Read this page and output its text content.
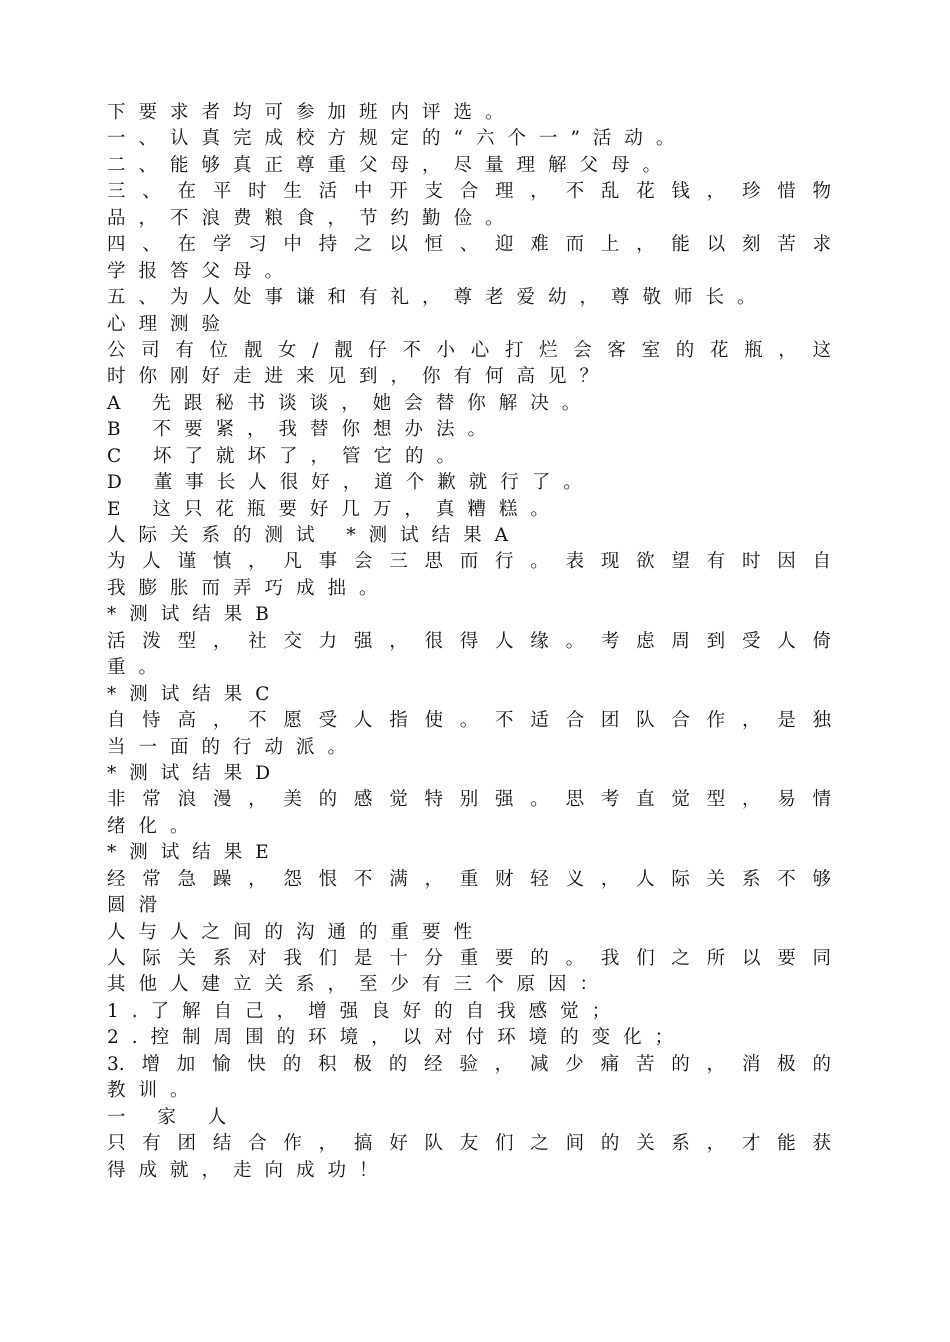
下要求者均可参加班内评选。
一、认真完成校方规定的“六个一”活动。
二、能够真正尊重父母，尽量理解父母。
三、在平时生活中开支合理，不乱花钱，珍惜物
品，不浪费粮食，节约勤俭。
四、在学习中持之以恒、迎难而上，能以刻苦求
学报答父母。
五、为人处事谦和有礼，尊老爱幼，尊敬师长。
心理测验
公司有位靓女/靓仔不小心打烂会客室的花瓶，这
时你刚好走进来见到，你有何高见？
A 先跟秘书谈谈，她会替你解决。
B 不要紧，我替你想办法。
C 坏了就坏了，管它的。
D 董事长人很好，道个歉就行了。
E 这只花瓶要好几万，真糟糕。
人际关系的测试 *测试结果A
为人谨慎，凡事会三思而行。表现欲望有时因自
我膨胀而弄巧成拙。
*测试结果B
活泼型，社交力强，很得人缘。考虑周到受人倚
重。
*测试结果C
自恃高，不愿受人指使。不适合团队合作，是独
当一面的行动派。
*测试结果D
非常浪漫，美的感觉特别强。思考直觉型，易情
绪化。
*测试结果E
经常急躁，怨恨不满，重财轻义，人际关系不够
圆滑
人与人之间的沟通的重要性
人际关系对我们是十分重要的。我们之所以要同
其他人建立关系，至少有三个原因：
1.了解自己，增强良好的自我感觉；
2.控制周围的环境，以对付环境的变化；
3.增加愉快的积极的经验，减少痛苦的，消极的
教训。
一 家 人
只有团结合作，搞好队友们之间的关系，才能获
得成就，走向成功！
